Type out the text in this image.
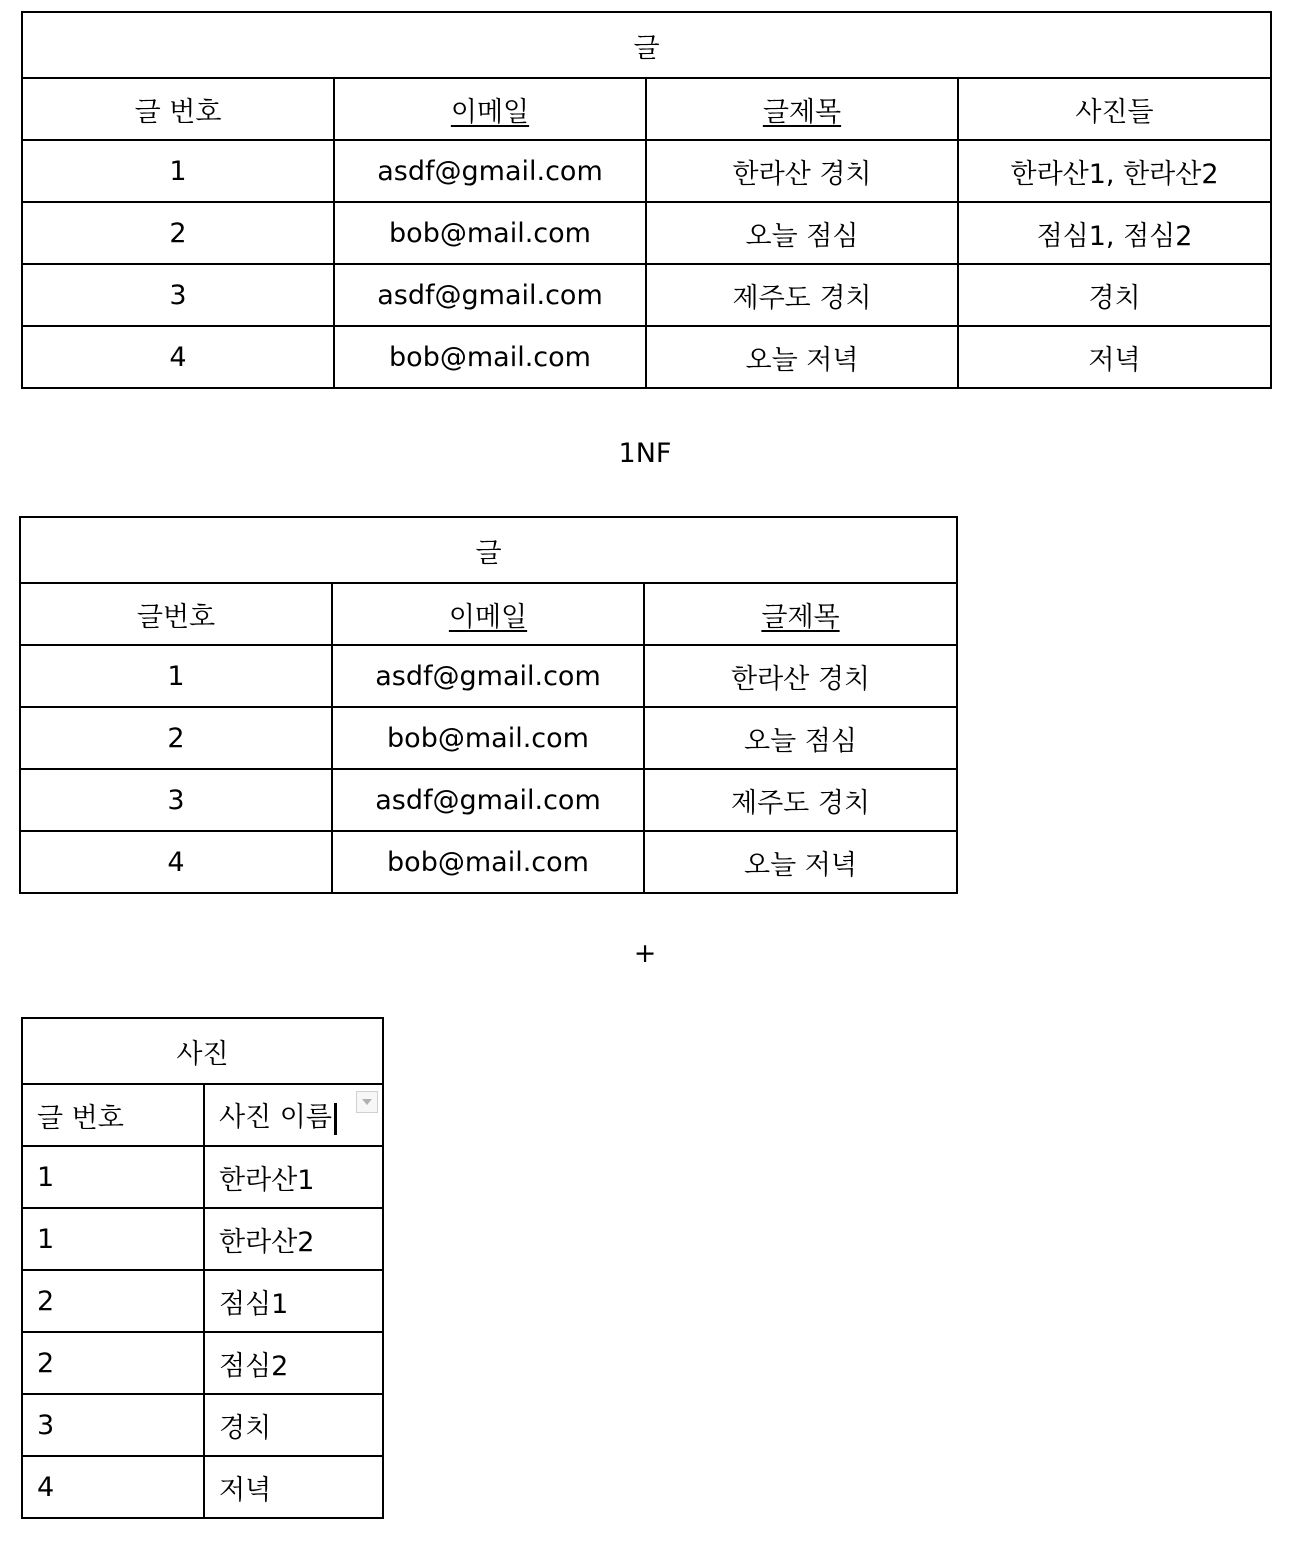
글			
글 번호	이메일	글제목	사진들
1	asdf@gmail.com	한라산 경치	한라산1, 한라산2
2	bob@mail.com	오늘 점심	점심1, 점심2
3	asdf@gmail.com	제주도 경치	경치
4	bob@mail.com	오늘 저녁	저녁
1NF
글		
글번호	이메일	글제목
1	asdf@gmail.com	한라산 경치
2	bob@mail.com	오늘 점심
3	asdf@gmail.com	제주도 경치
4	bob@mail.com	오늘 저녁
+
사진	
글 번호	사진 이름

1	한라산1
1	한라산2
2	점심1
2	점심2
3	경치
4	저녁
